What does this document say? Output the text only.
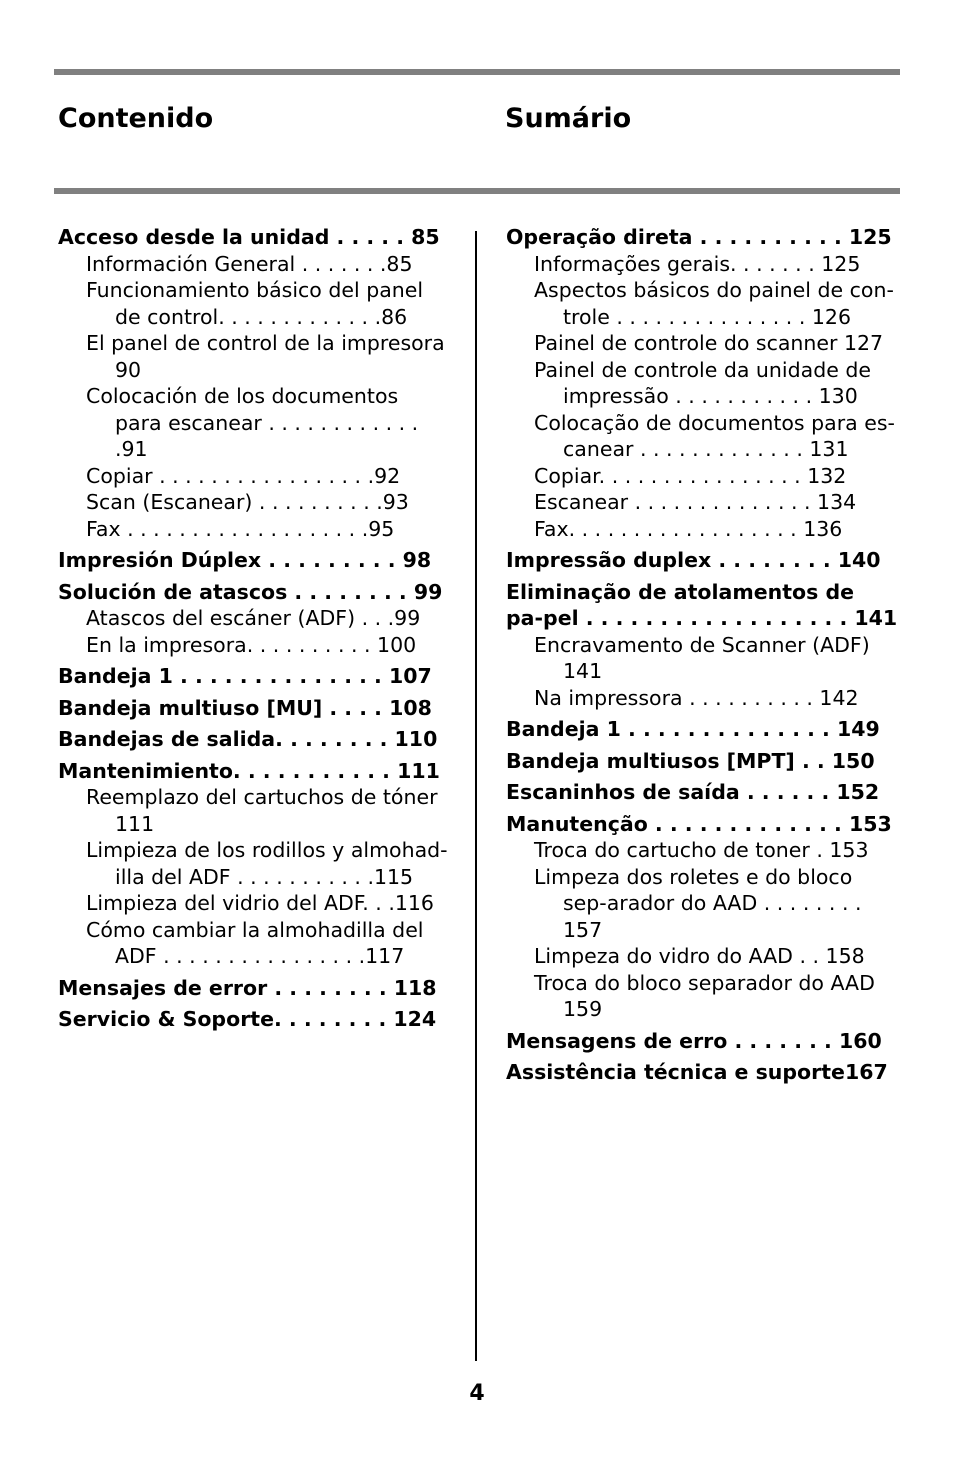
Contenido	Sumário
Acceso desde la unidad . . . . . 85
Información General . . . . . . .85
Funcionamiento básico del panel de control. . . . . . . . . . . . .86
El panel de control de la impresora 90
Colocación de los documentos para escanear . . . . . . . . . . . . .91
Copiar . . . . . . . . . . . . . . . . .92
Scan (Escanear) . . . . . . . . . .93
Fax . . . . . . . . . . . . . . . . . . .95
Impresión Dúplex . . . . . . . . . 98
Solución de atascos . . . . . . . . 99
Atascos del escáner (ADF) . . .99
En la impresora. . . . . . . . . . 100
Bandeja 1 . . . . . . . . . . . . . . 107
Bandeja multiuso [MU] . . . . 108
Bandejas de salida. . . . . . . . 110
Mantenimiento. . . . . . . . . . . 111
Reemplazo del cartuchos de tóner 111
Limpieza de los rodillos y almohad-illa del ADF . . . . . . . . . . .115
Limpieza del vidrio del ADF. . .116
Cómo cambiar la almohadilla del ADF . . . . . . . . . . . . . . . .117
Mensajes de error . . . . . . . . 118
Servicio & Soporte. . . . . . . . 124
Operação direta . . . . . . . . . . 125
Informações gerais. . . . . . . 125
Aspectos básicos do painel de con-trole . . . . . . . . . . . . . . . 126
Painel de controle do scanner 127
Painel de controle da unidade de impressão . . . . . . . . . . . 130
Colocação de documentos para es-canear . . . . . . . . . . . . . 131
Copiar. . . . . . . . . . . . . . . . 132
Escanear . . . . . . . . . . . . . . 134
Fax. . . . . . . . . . . . . . . . . . 136
Impressão duplex . . . . . . . . 140
Eliminação de atolamentos de pa-pel . . . . . . . . . . . . . . . . . . 141
Encravamento de Scanner (ADF) 141
Na impressora . . . . . . . . . . 142
Bandeja 1 . . . . . . . . . . . . . . 149
Bandeja multiusos [MPT] . . 150
Escaninhos de saída . . . . . . 152
Manutenção . . . . . . . . . . . . . 153
Troca do cartucho de toner . 153
Limpeza dos roletes e do bloco sep-arador do AAD . . . . . . . . 157
Limpeza do vidro do AAD . . 158
Troca do bloco separador do AAD 159
Mensagens de erro . . . . . . . 160
Assistência técnica e suporte167
4
